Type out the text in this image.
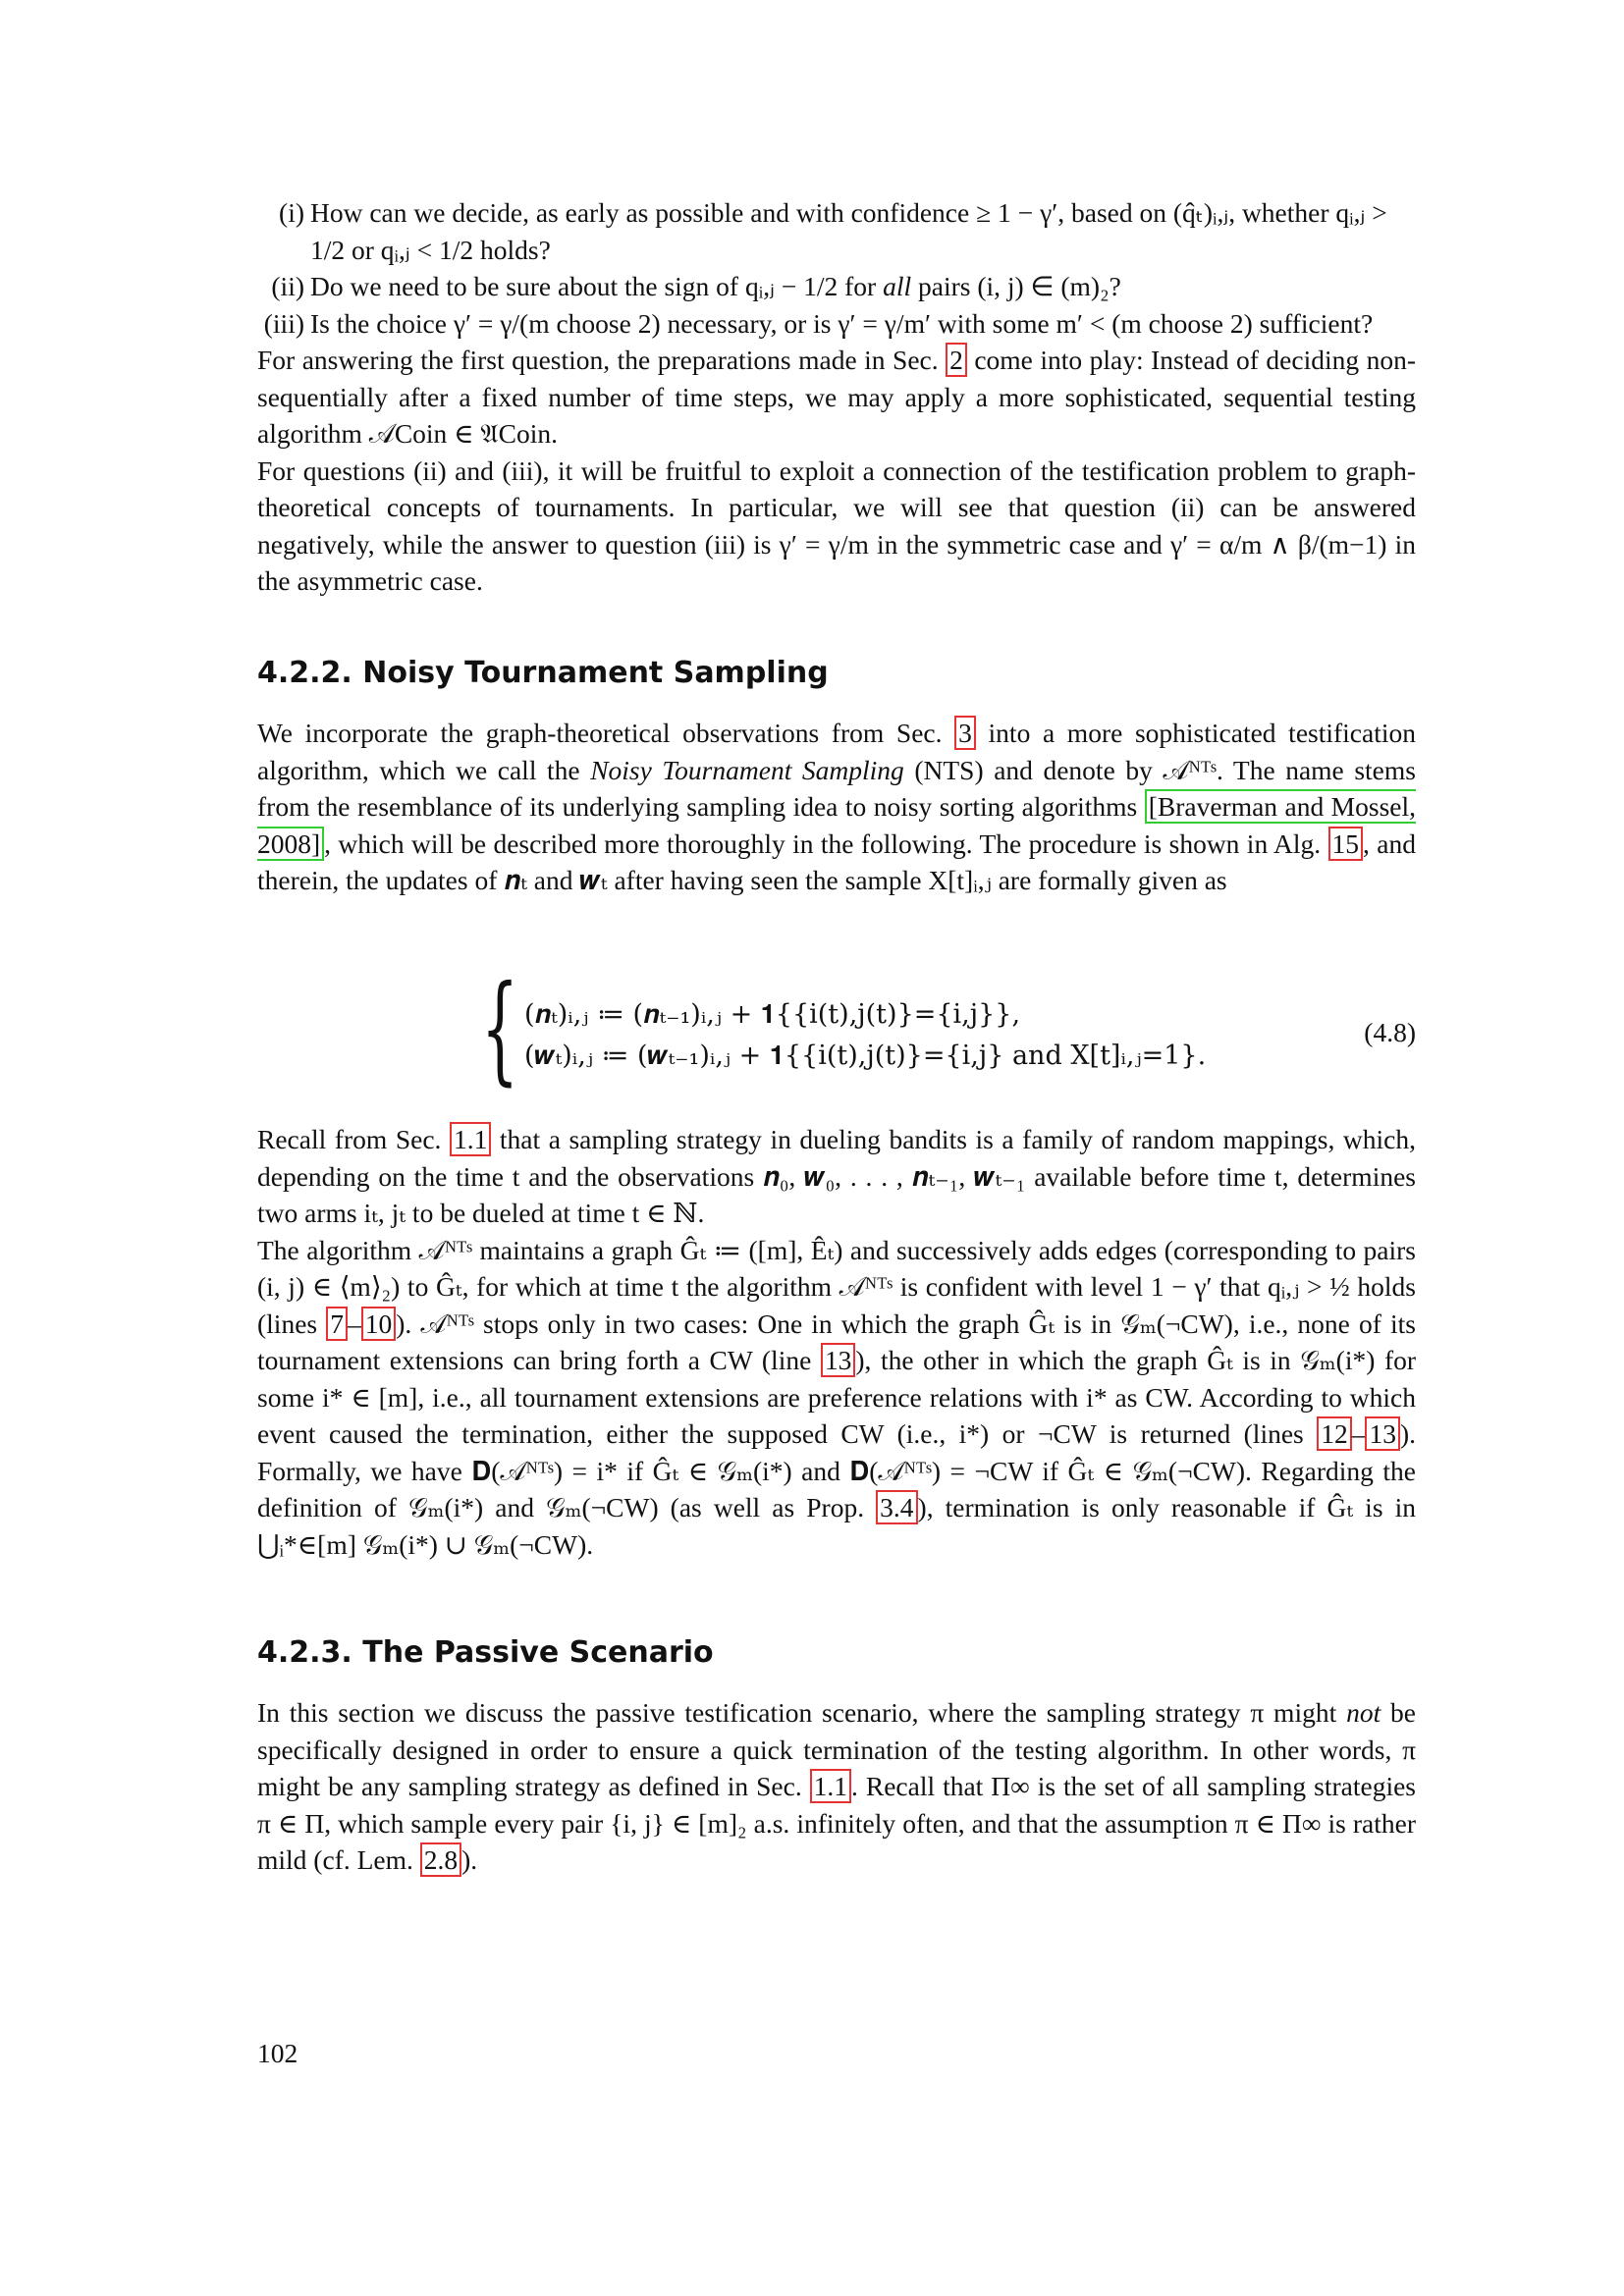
(i) How can we decide, as early as possible and with confidence ≥ 1 − γ′, based on (q̂ₜ)ᵢ,ⱼ, whether qᵢ,ⱼ > 1/2 or qᵢ,ⱼ < 1/2 holds?
(ii) Do we need to be sure about the sign of qᵢ,ⱼ − 1/2 for all pairs (i, j) ∈ (m)₂?
(iii) Is the choice γ′ = γ/(m choose 2) necessary, or is γ′ = γ/m′ with some m′ < (m choose 2) sufficient?

For answering the first question, the preparations made in Sec. 2 come into play: Instead of deciding non-sequentially after a fixed number of time steps, we may apply a more sophisticated, sequential testing algorithm 𝒜Coin ∈ 𝔄Coin.

For questions (ii) and (iii), it will be fruitful to exploit a connection of the testification problem to graph-theoretical concepts of tournaments. In particular, we will see that question (ii) can be answered negatively, while the answer to question (iii) is γ′ = γ/m in the symmetric case and γ′ = α/m ∧ β/(m−1) in the asymmetric case.

4.2.2. Noisy Tournament Sampling

We incorporate the graph-theoretical observations from Sec. 3 into a more sophisticated testification algorithm, which we call the Noisy Tournament Sampling (NTS) and denote by 𝒜ᴺᵀˢ. The name stems from the resemblance of its underlying sampling idea to noisy sorting algorithms [Braverman and Mossel, 2008] , which will be described more thoroughly in the following. The procedure is shown in Alg. 15 , and therein, the updates of 𝒏ₜ and 𝒘ₜ after having seen the sample X[t]ᵢ,ⱼ are formally given as

{ (𝒏ₜ)ᵢ,ⱼ ≔ (𝒏ₜ₋₁)ᵢ,ⱼ + 𝟏{{i(t),j(t)}={i,j}},
(𝒘ₜ)ᵢ,ⱼ ≔ (𝒘ₜ₋₁)ᵢ,ⱼ + 𝟏{{i(t),j(t)}={i,j} and X[t]ᵢ,ⱼ=1}.
(4.8)

Recall from Sec. 1.1 that a sampling strategy in dueling bandits is a family of random mappings, which, depending on the time t and the observations 𝒏₀, 𝒘₀, . . . , 𝒏ₜ₋₁, 𝒘ₜ₋₁ available before time t, determines two arms iₜ, jₜ to be dueled at time t ∈ ℕ.

The algorithm 𝒜ᴺᵀˢ maintains a graph Ĝₜ ≔ ([m], Êₜ) and successively adds edges (corresponding to pairs (i, j) ∈ ⟨m⟩₂) to Ĝₜ, for which at time t the algorithm 𝒜ᴺᵀˢ is confident with level 1 − γ′ that qᵢ,ⱼ > ½ holds (lines 7 – 10 ). 𝒜ᴺᵀˢ stops only in two cases: One in which the graph Ĝₜ is in 𝒢ₘ(¬CW), i.e., none of its tournament extensions can bring forth a CW (line 13 ), the other in which the graph Ĝₜ is in 𝒢ₘ(i*) for some i* ∈ [m], i.e., all tournament extensions are preference relations with i* as CW. According to which event caused the termination, either the supposed CW (i.e., i*) or ¬CW is returned (lines 12 – 13 ). Formally, we have 𝐃(𝒜ᴺᵀˢ) = i* if Ĝₜ ∈ 𝒢ₘ(i*) and 𝐃(𝒜ᴺᵀˢ) = ¬CW if Ĝₜ ∈ 𝒢ₘ(¬CW). Regarding the definition of 𝒢ₘ(i*) and 𝒢ₘ(¬CW) (as well as Prop. 3.4 ), termination is only reasonable if Ĝₜ is in ⋃ᵢ*∈[m] 𝒢ₘ(i*) ∪ 𝒢ₘ(¬CW).

4.2.3. The Passive Scenario

In this section we discuss the passive testification scenario, where the sampling strategy π might not be specifically designed in order to ensure a quick termination of the testing algorithm. In other words, π might be any sampling strategy as defined in Sec. 1.1 . Recall that Π∞ is the set of all sampling strategies π ∈ Π, which sample every pair {i, j} ∈ [m]₂ a.s. infinitely often, and that the assumption π ∈ Π∞ is rather mild (cf. Lem. 2.8 ).

102
